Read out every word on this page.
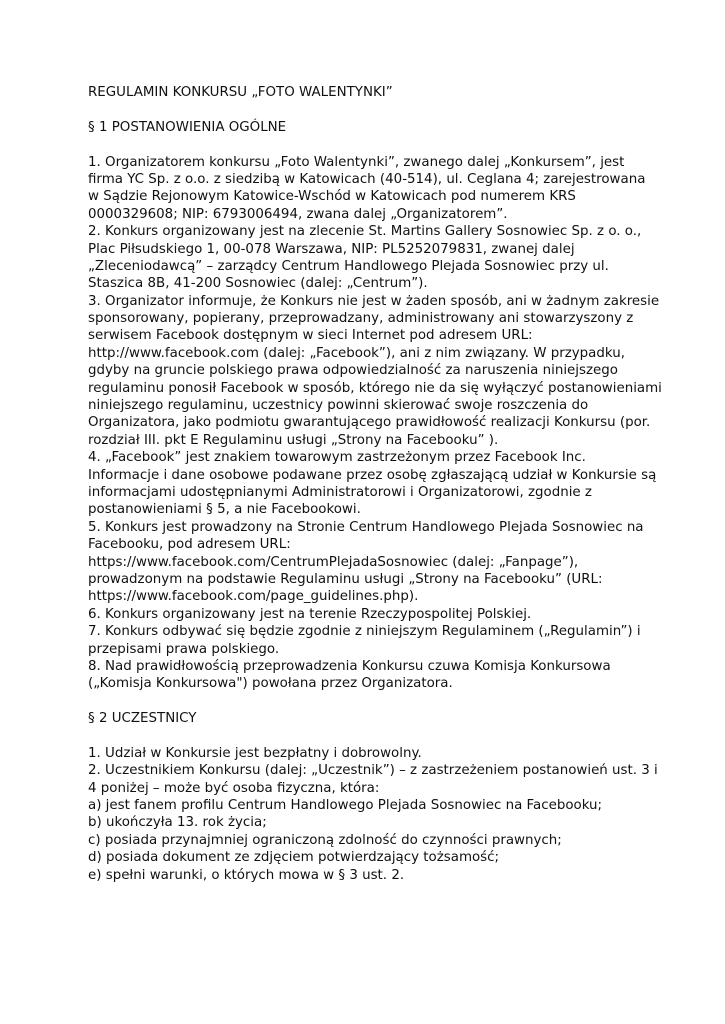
REGULAMIN KONKURSU „FOTO WALENTYNKI”
§ 1 POSTANOWIENIA OGÓLNE
1. Organizatorem konkursu „Foto Walentynki”, zwanego dalej „Konkursem”, jest
firma YC Sp. z o.o. z siedzibą w Katowicach (40-514), ul. Ceglana 4; zarejestrowana
w Sądzie Rejonowym Katowice-Wschód w Katowicach pod numerem KRS
0000329608; NIP: 6793006494, zwana dalej „Organizatorem”.
2. Konkurs organizowany jest na zlecenie St. Martins Gallery Sosnowiec Sp. z o. o.,
Plac Piłsudskiego 1, 00-078 Warszawa, NIP: PL5252079831, zwanej dalej
„Zleceniodawcą” – zarządcy Centrum Handlowego Plejada Sosnowiec przy ul.
Staszica 8B, 41-200 Sosnowiec (dalej: „Centrum”).
3. Organizator informuje, że Konkurs nie jest w żaden sposób, ani w żadnym zakresie
sponsorowany, popierany, przeprowadzany, administrowany ani stowarzyszony z
serwisem Facebook dostępnym w sieci Internet pod adresem URL:
http://www.facebook.com (dalej: „Facebook”), ani z nim związany. W przypadku,
gdyby na gruncie polskiego prawa odpowiedzialność za naruszenia niniejszego
regulaminu ponosił Facebook w sposób, którego nie da się wyłączyć postanowieniami
niniejszego regulaminu, uczestnicy powinni skierować swoje roszczenia do
Organizatora, jako podmiotu gwarantującego prawidłowość realizacji Konkursu (por.
rozdział III. pkt E Regulaminu usługi „Strony na Facebooku” ).
4. „Facebook” jest znakiem towarowym zastrzeżonym przez Facebook Inc.
Informacje i dane osobowe podawane przez osobę zgłaszającą udział w Konkursie są
informacjami udostępnianymi Administratorowi i Organizatorowi, zgodnie z
postanowieniami § 5, a nie Facebookowi.
5. Konkurs jest prowadzony na Stronie Centrum Handlowego Plejada Sosnowiec na
Facebooku, pod adresem URL:
https://www.facebook.com/CentrumPlejadaSosnowiec (dalej: „Fanpage”),
prowadzonym na podstawie Regulaminu usługi „Strony na Facebooku” (URL:
https://www.facebook.com/page_guidelines.php).
6. Konkurs organizowany jest na terenie Rzeczypospolitej Polskiej.
7. Konkurs odbywać się będzie zgodnie z niniejszym Regulaminem („Regulamin”) i
przepisami prawa polskiego.
8. Nad prawidłowością przeprowadzenia Konkursu czuwa Komisja Konkursowa
(„Komisja Konkursowa") powołana przez Organizatora.
§ 2 UCZESTNICY
1. Udział w Konkursie jest bezpłatny i dobrowolny.
2. Uczestnikiem Konkursu (dalej: „Uczestnik”) – z zastrzeżeniem postanowień ust. 3 i
4 poniżej – może być osoba fizyczna, która:
a) jest fanem profilu Centrum Handlowego Plejada Sosnowiec na Facebooku;
b) ukończyła 13. rok życia;
c) posiada przynajmniej ograniczoną zdolność do czynności prawnych;
d) posiada dokument ze zdjęciem potwierdzający tożsamość;
e) spełni warunki, o których mowa w § 3 ust. 2.
